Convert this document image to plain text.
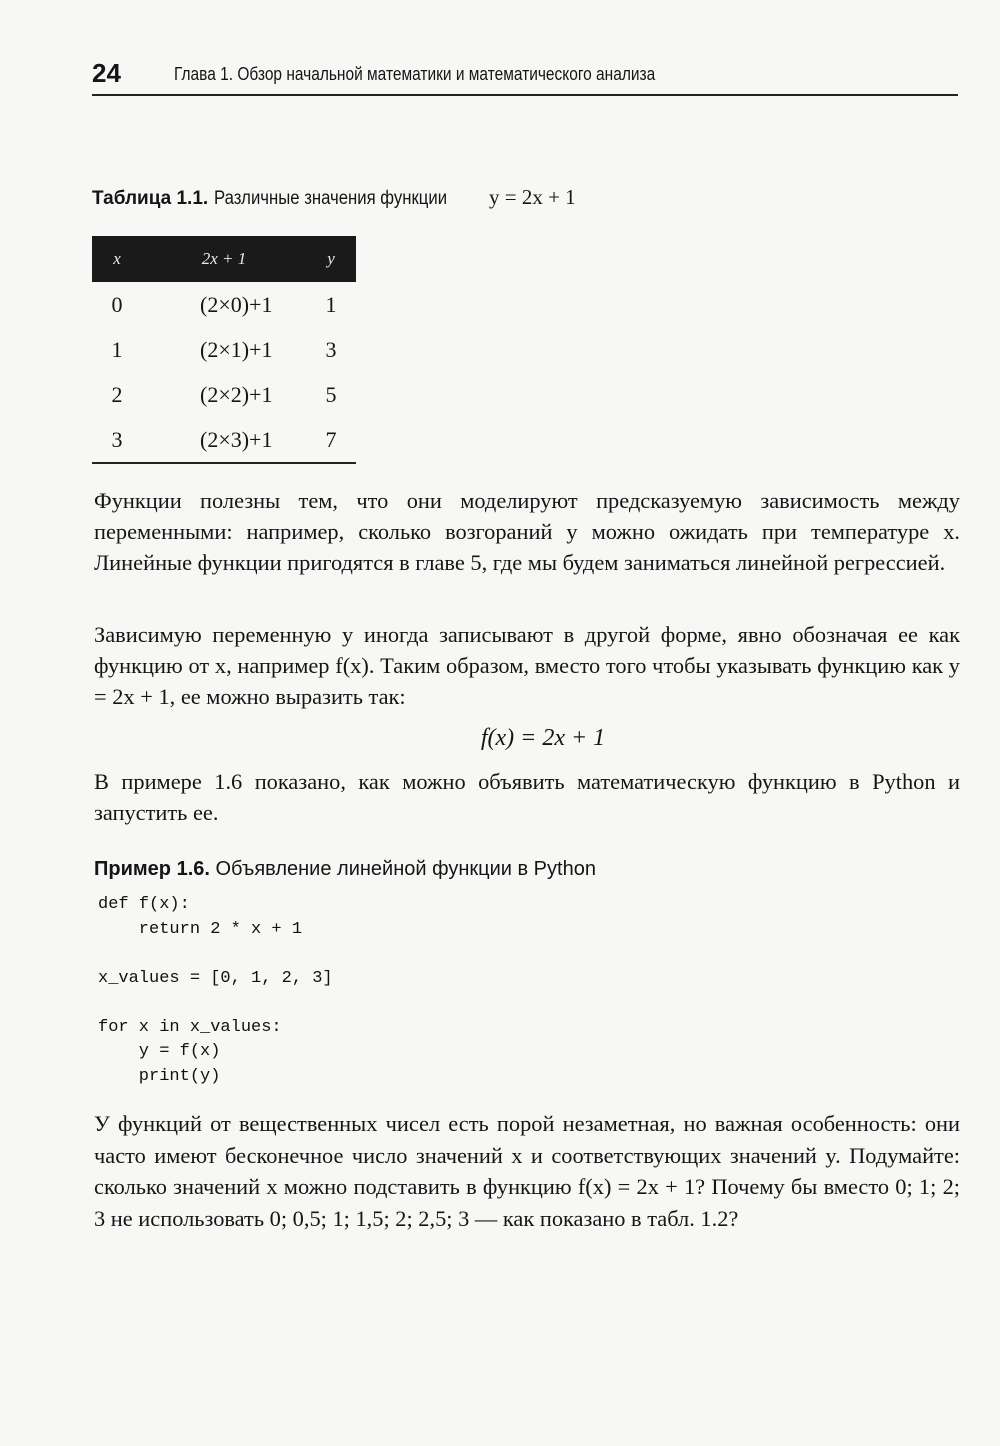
24	Глава 1. Обзор начальной математики и математического анализа
Таблица 1.1. Различные значения функции y = 2x + 1
x	2x + 1	y
0	(2×0)+1	1
1	(2×1)+1	3
2	(2×2)+1	5
3	(2×3)+1	7

Функции полезны тем, что они моделируют предсказуемую зависимость между переменными: например, сколько возгораний y можно ожидать при температуре x. Линейные функции пригодятся в главе 5, где мы будем заниматься линейной регрессией.

Зависимую переменную y иногда записывают в другой форме, явно обозначая ее как функцию от x, например f(x). Таким образом, вместо того чтобы указывать функцию как y = 2x + 1, ее можно выразить так:

f(x) = 2x + 1

В примере 1.6 показано, как можно объявить математическую функцию в Python и запустить ее.

Пример 1.6. Объявление линейной функции в Python
def f(x):
return 2 * x + 1

x_values = [0, 1, 2, 3]

for x in x_values:
y = f(x)
print(y)

У функций от вещественных чисел есть порой незаметная, но важная особенность: они часто имеют бесконечное число значений x и соответствующих значений y. Подумайте: сколько значений x можно подставить в функцию f(x) = 2x + 1? Почему бы вместо 0; 1; 2; 3 не использовать 0; 0,5; 1; 1,5; 2; 2,5; 3 — как показано в табл. 1.2?
